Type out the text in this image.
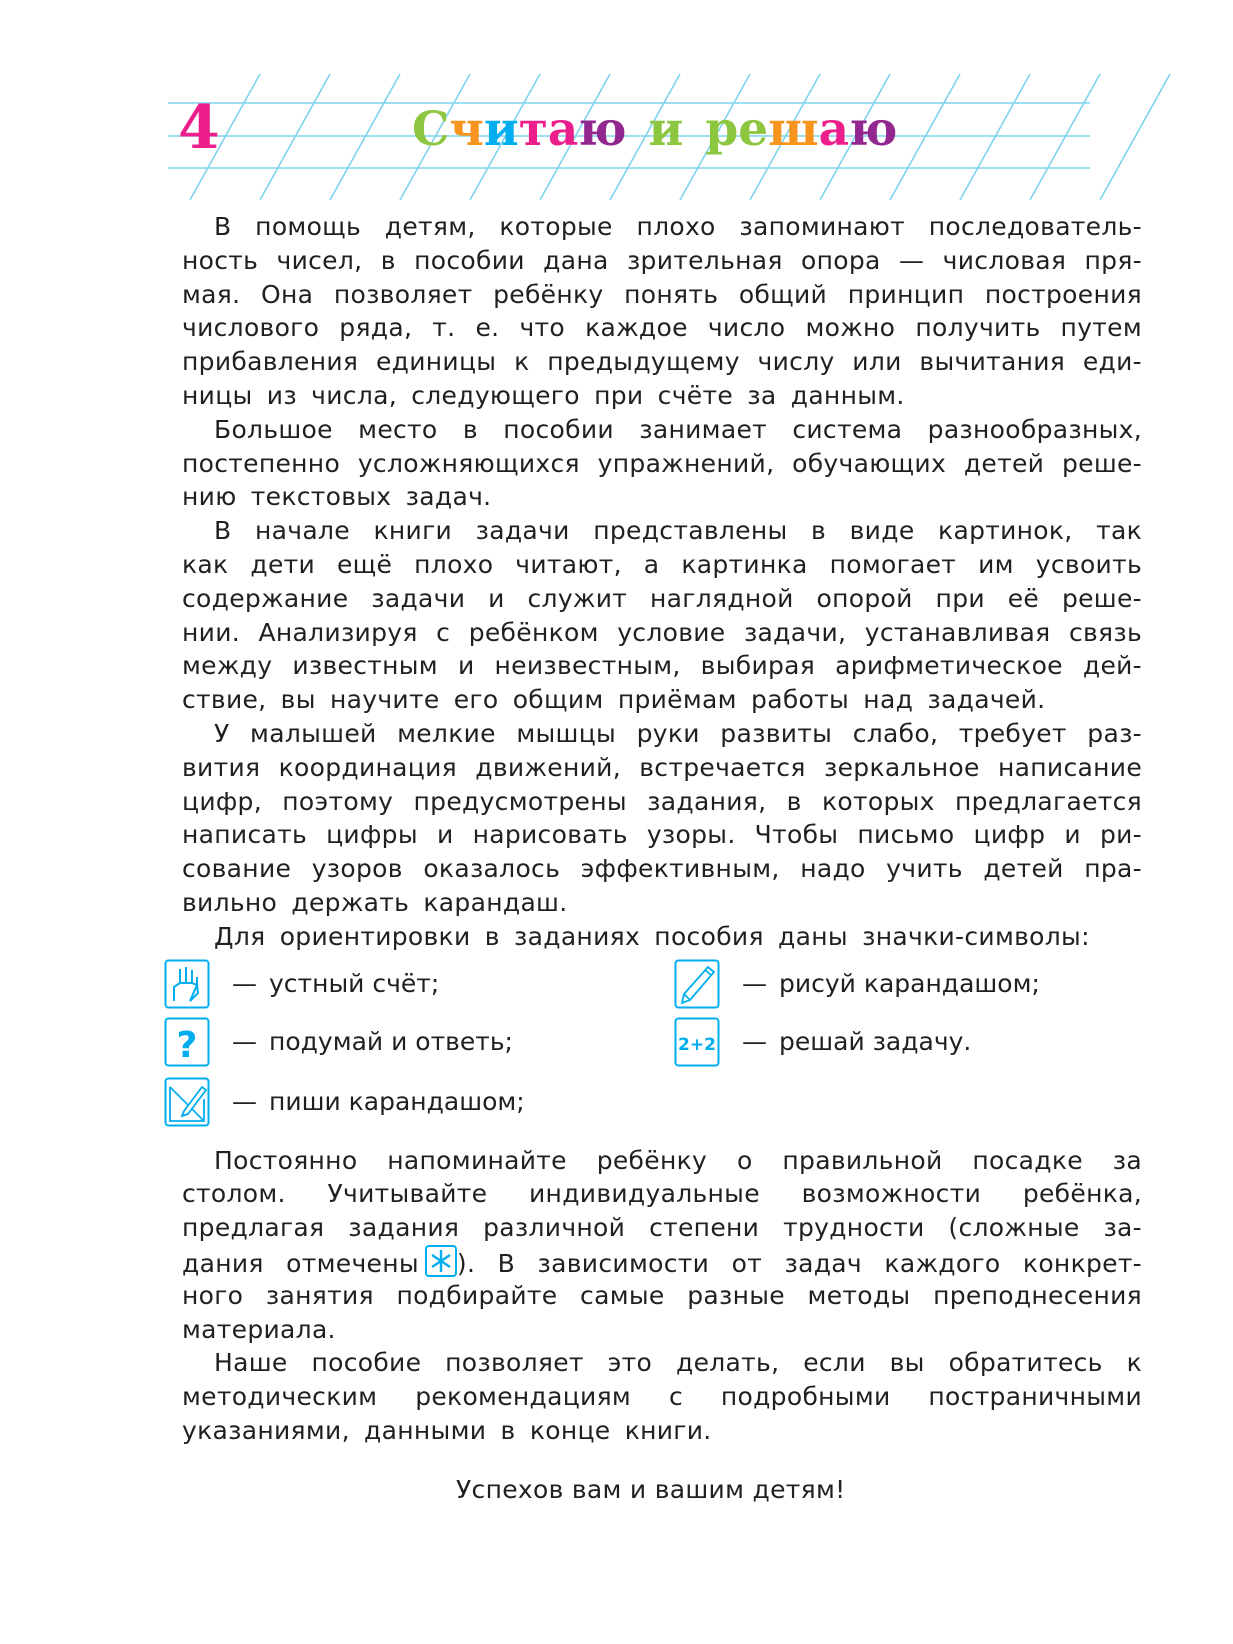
4	Считаю и решаю
В помощь детям, которые плохо запоминают последователь-
ность чисел, в пособии дана зрительная опора — числовая пря-
мая. Она позволяет ребёнку понять общий принцип построения
числового ряда, т. е. что каждое число можно получить путем
прибавления единицы к предыдущему числу или вычитания еди-
ницы из числа, следующего при счёте за данным.
Большое место в пособии занимает система разнообразных,
постепенно усложняющихся упражнений, обучающих детей реше-
нию текстовых задач.
В начале книги задачи представлены в виде картинок, так
как дети ещё плохо читают, а картинка помогает им усвоить
содержание задачи и служит наглядной опорой при её реше-
нии. Анализируя с ребёнком условие задачи, устанавливая связь
между известным и неизвестным, выбирая арифметическое дей-
ствие, вы научите его общим приёмам работы над задачей.
У малышей мелкие мышцы руки развиты слабо, требует раз-
вития координация движений, встречается зеркальное написание
цифр, поэтому предусмотрены задания, в которых предлагается
написать цифры и нарисовать узоры. Чтобы письмо цифр и ри-
сование узоров оказалось эффективным, надо учить детей пра-
вильно держать карандаш.
Для ориентировки в заданиях пособия даны значки-символы:
— устный счёт;
? — подумай и ответь;
— пиши карандашом;
— рисуй карандашом;
2+2 — решай задачу.
Постоянно напоминайте ребёнку о правильной посадке за
столом. Учитывайте индивидуальные возможности ребёнка,
предлагая задания различной степени трудности (сложные за-
дания отмечены ). В зависимости от задач каждого конкрет-
ного занятия подбирайте самые разные методы преподнесения
материала.
Наше пособие позволяет это делать, если вы обратитесь к
методическим рекомендациям с подробными постраничными
указаниями, данными в конце книги.
Успехов вам и вашим детям!
